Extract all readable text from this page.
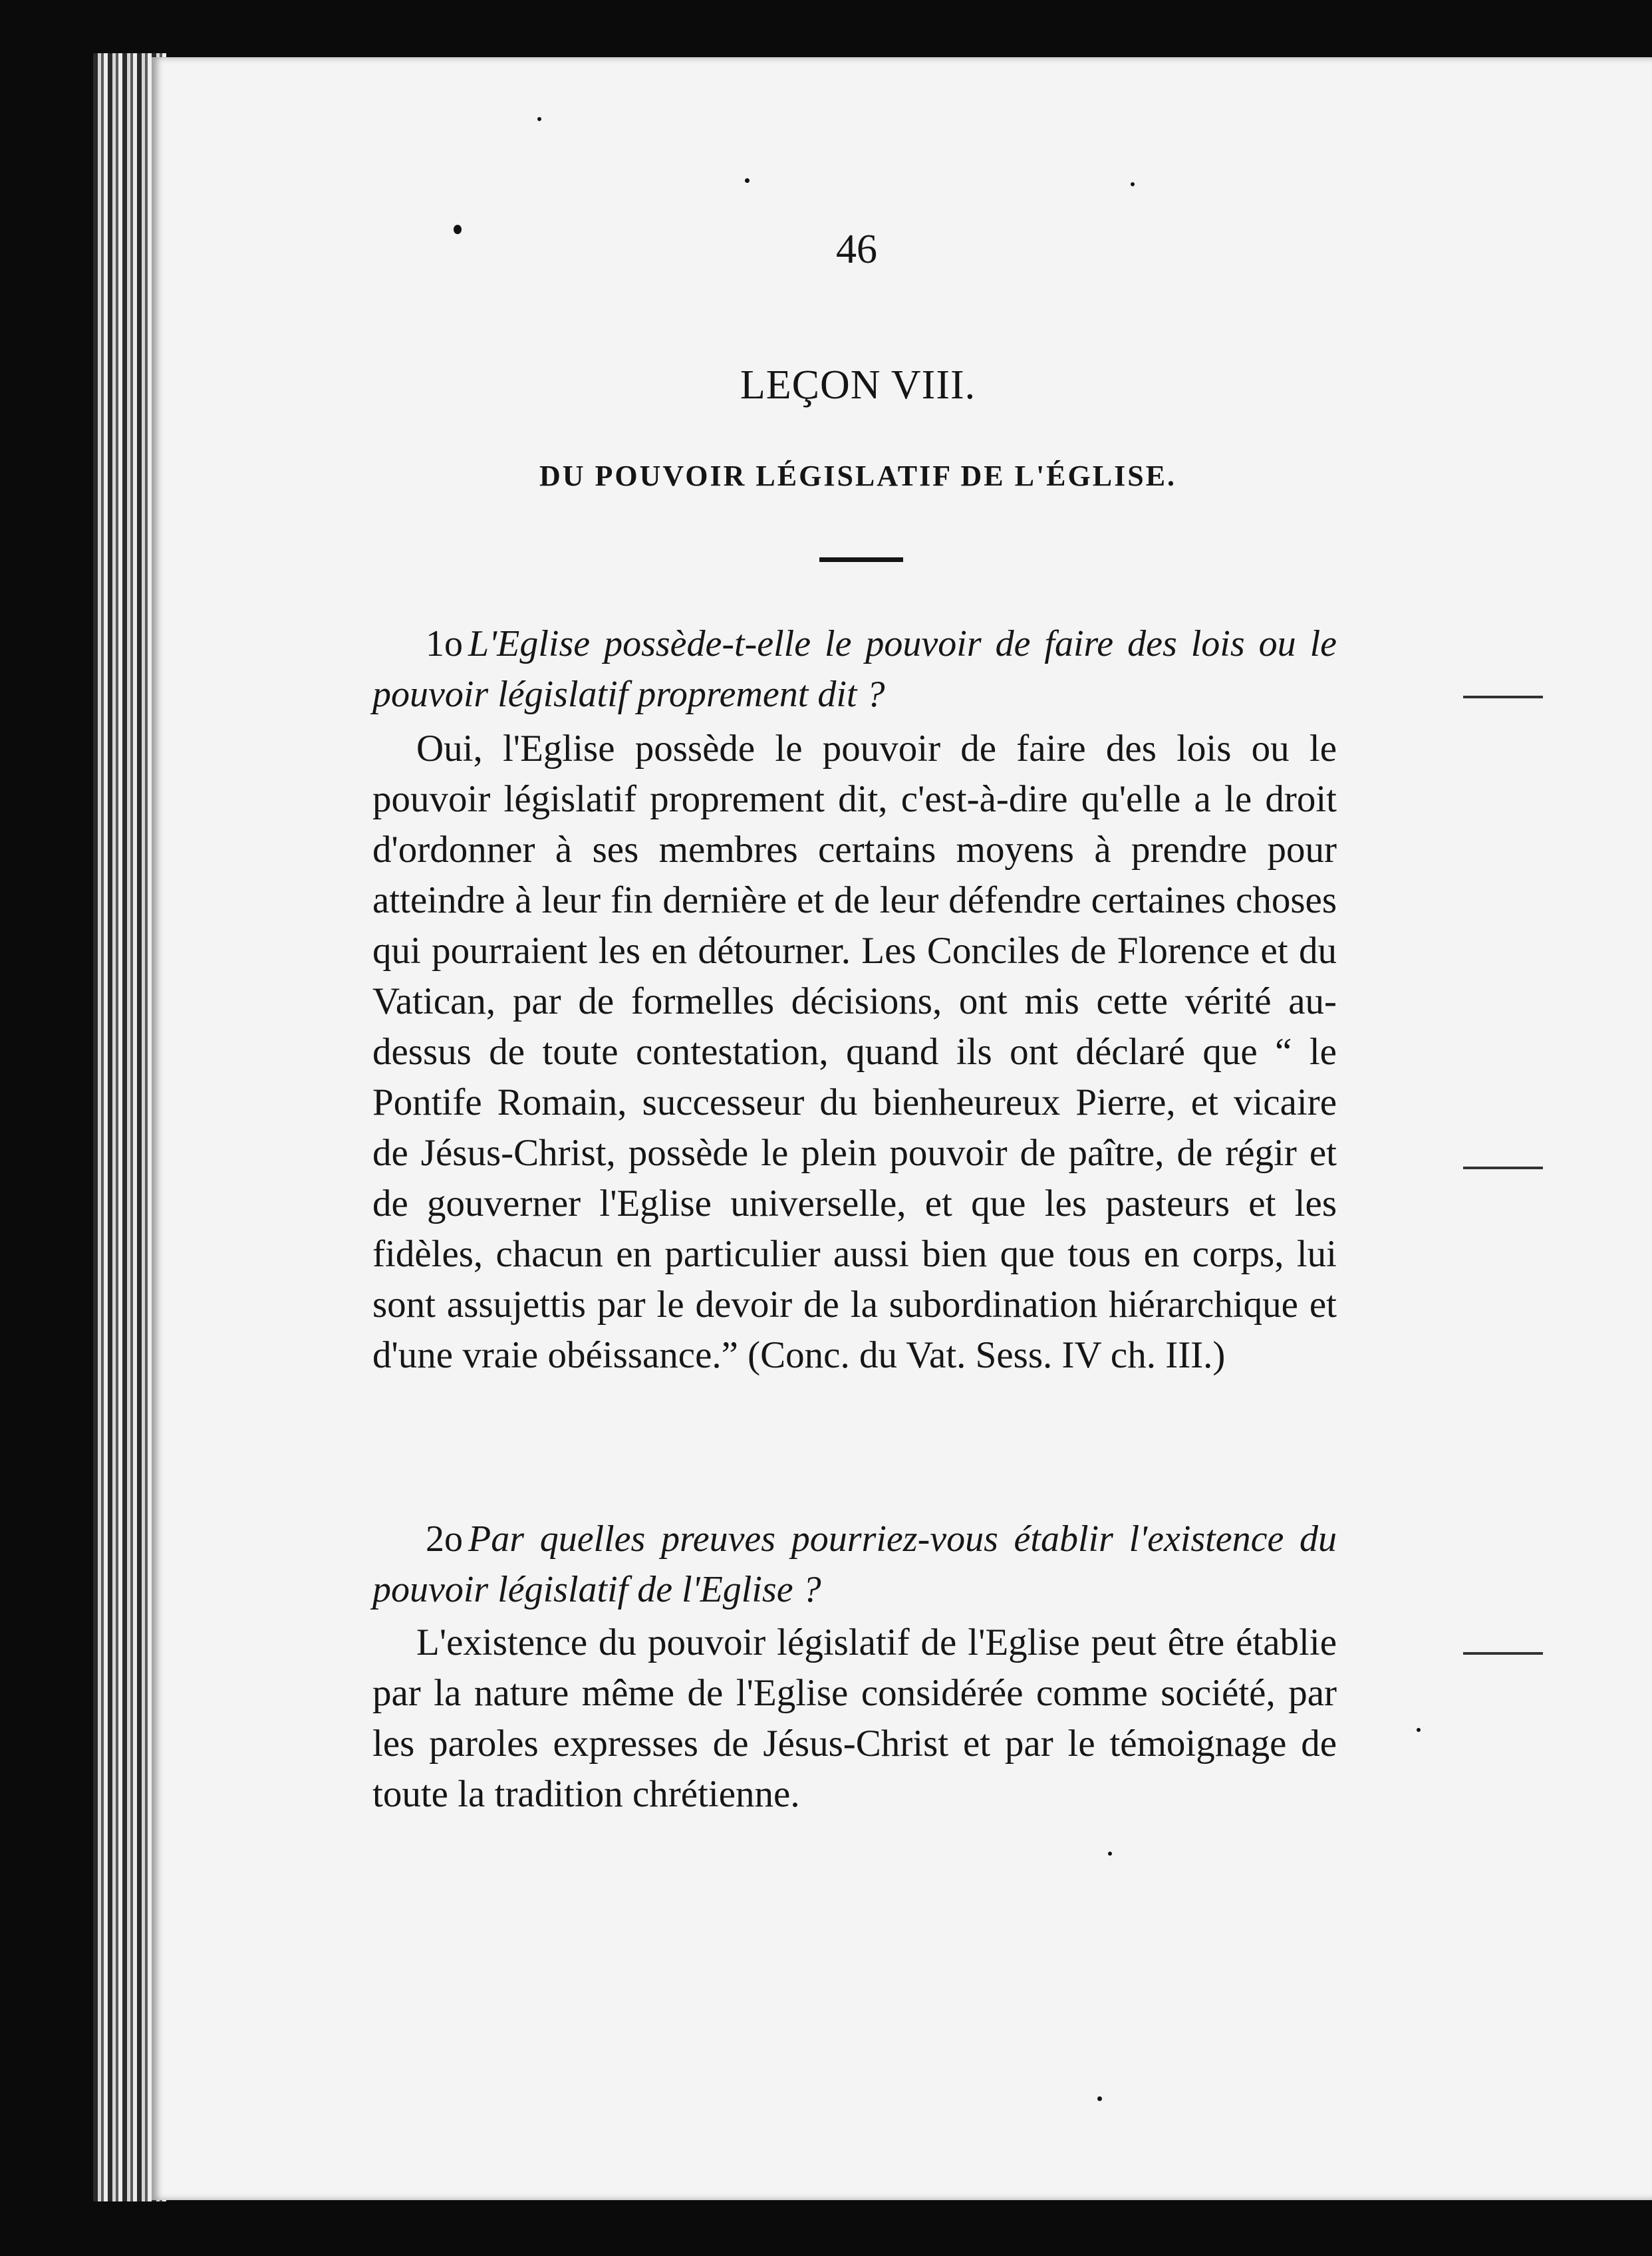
46
LEÇON VIII.
DU POUVOIR LÉGISLATIF DE L'ÉGLISE.
1o L'Eglise possède-t-elle le pouvoir de faire des lois ou le pouvoir législatif proprement dit ?
Oui, l'Eglise possède le pouvoir de faire des lois ou le pouvoir législatif proprement dit, c'est-à-dire qu'elle a le droit d'ordonner à ses membres certains moyens à prendre pour atteindre à leur fin dernière et de leur défendre certaines choses qui pourraient les en détourner. Les Conciles de Florence et du Vatican, par de formelles décisions, ont mis cette vérité au-dessus de toute contestation, quand ils ont déclaré que “ le Pontife Romain, successeur du bienheureux Pierre, et vicaire de Jésus-Christ, possède le plein pouvoir de paître, de régir et de gouverner l'Eglise universelle, et que les pasteurs et les fidèles, chacun en particulier aussi bien que tous en corps, lui sont assujettis par le devoir de la subordination hiérarchique et d'une vraie obéissance.” (Conc. du Vat. Sess. IV ch. III.)
2o Par quelles preuves pourriez-vous établir l'existence du pouvoir législatif de l'Eglise ?
L'existence du pouvoir législatif de l'Eglise peut être établie par la nature même de l'Eglise considérée comme société, par les paroles expresses de Jésus-Christ et par le témoignage de toute la tradition chrétienne.
